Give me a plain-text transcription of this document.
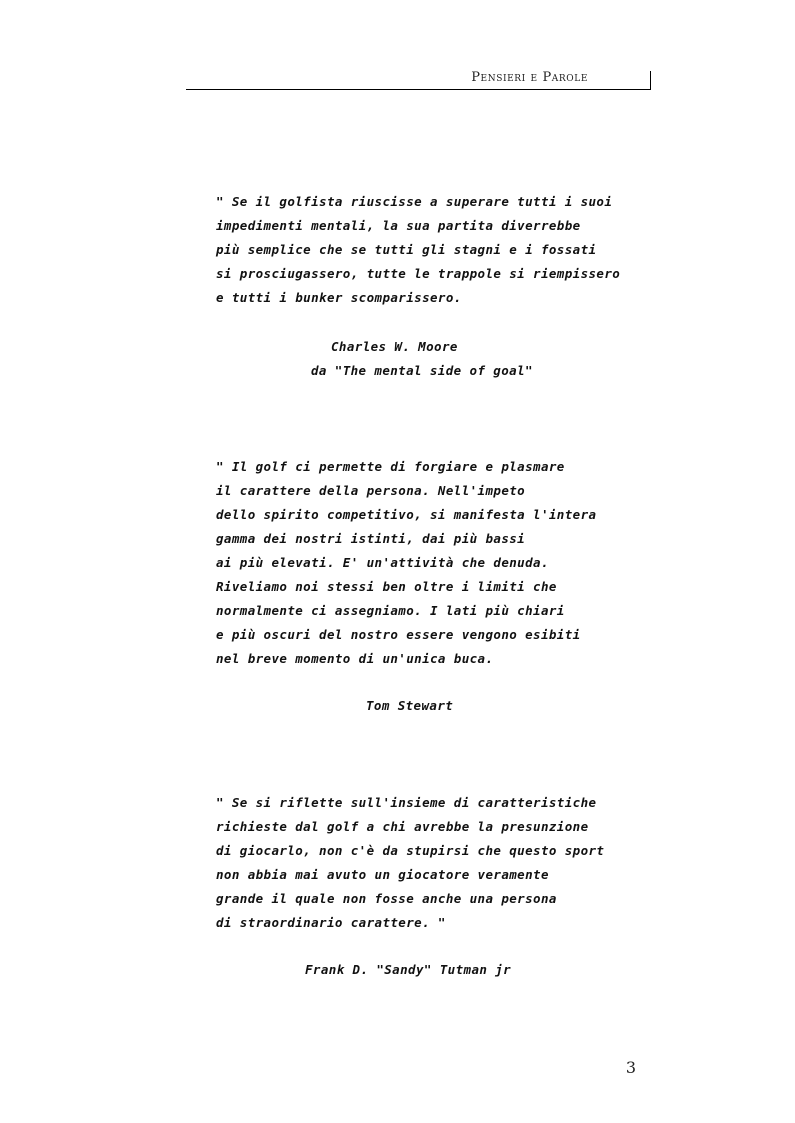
Pensieri e Parole
" Se il golfista riuscisse a superare tutti i suoi
impedimenti mentali, la sua partita diverrebbe
più semplice che se tutti gli stagni e i fossati
si prosciugassero, tutte le trappole si riempissero
e tutti i bunker scomparissero.
Charles W. Moore
da "The mental side of goal"
" Il golf ci permette di forgiare e plasmare
il carattere della persona. Nell'impeto
dello spirito competitivo, si manifesta l'intera
gamma dei nostri istinti, dai più bassi
ai più elevati. E' un'attività che denuda.
Riveliamo noi stessi ben oltre i limiti che
normalmente ci assegniamo. I lati più chiari
e più oscuri del nostro essere vengono esibiti
nel breve momento di un'unica buca.
Tom Stewart
" Se si riflette sull'insieme di caratteristiche
richieste dal golf a chi avrebbe la presunzione
di giocarlo, non c'è da stupirsi che questo sport
non abbia mai avuto un giocatore veramente
grande il quale non fosse anche una persona
di straordinario carattere. "
Frank D. "Sandy" Tutman jr
3
